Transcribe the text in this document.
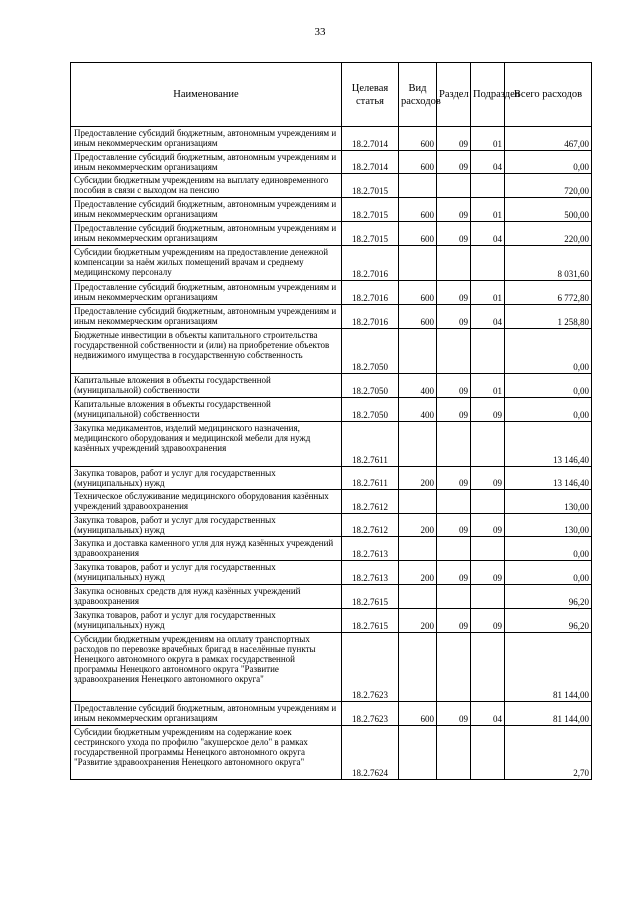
33
Наименование	Целевая статья	Вид расходов	Раздел	Подраздел	Всего расходов
Предоставление субсидий бюджетным, автономным учреждениям и иным некоммерческим организациям	18.2.7014	600	09	01	467,00
Предоставление субсидий бюджетным, автономным учреждениям и иным некоммерческим организациям	18.2.7014	600	09	04	0,00
Субсидии бюджетным учреждениям на выплату единовременного пособия в связи с выходом на пенсию	18.2.7015				720,00
Предоставление субсидий бюджетным, автономным учреждениям и иным некоммерческим организациям	18.2.7015	600	09	01	500,00
Предоставление субсидий бюджетным, автономным учреждениям и иным некоммерческим организациям	18.2.7015	600	09	04	220,00
Субсидии бюджетным учреждениям на предоставление денежной компенсации за наём жилых помещений врачам и среднему медицинскому персоналу	18.2.7016				8 031,60
Предоставление субсидий бюджетным, автономным учреждениям и иным некоммерческим организациям	18.2.7016	600	09	01	6 772,80
Предоставление субсидий бюджетным, автономным учреждениям и иным некоммерческим организациям	18.2.7016	600	09	04	1 258,80
Бюджетные инвестиции в объекты капитального строительства государственной собственности и (или) на приобретение объектов недвижимого имущества в государственную собственность	18.2.7050				0,00
Капитальные вложения в объекты государственной (муниципальной) собственности	18.2.7050	400	09	01	0,00
Капитальные вложения в объекты государственной (муниципальной) собственности	18.2.7050	400	09	09	0,00
Закупка медикаментов, изделий медицинского назначения, медицинского оборудования и медицинской мебели для нужд казённых учреждений здравоохранения	18.2.7611				13 146,40
Закупка товаров, работ и услуг для государственных (муниципальных) нужд	18.2.7611	200	09	09	13 146,40
Техническое обслуживание медицинского оборудования казённых учреждений здравоохранения	18.2.7612				130,00
Закупка товаров, работ и услуг для государственных (муниципальных) нужд	18.2.7612	200	09	09	130,00
Закупка и доставка каменного угля для нужд казённых учреждений здравоохранения	18.2.7613				0,00
Закупка товаров, работ и услуг для государственных (муниципальных) нужд	18.2.7613	200	09	09	0,00
Закупка основных средств для нужд казённых учреждений здравоохранения	18.2.7615				96,20
Закупка товаров, работ и услуг для государственных (муниципальных) нужд	18.2.7615	200	09	09	96,20
Субсидии бюджетным учреждениям на оплату транспортных расходов по перевозке врачебных бригад в населённые пункты Ненецкого автономного округа в рамках государственной программы Ненецкого автономного округа "Развитие здравоохранения Ненецкого автономного округа"	18.2.7623				81 144,00
Предоставление субсидий бюджетным, автономным учреждениям и иным некоммерческим организациям	18.2.7623	600	09	04	81 144,00
Субсидии бюджетным учреждениям на содержание коек сестринского ухода по профилю "акушерское дело" в рамках государственной программы Ненецкого автономного округа "Развитие здравоохранения Ненецкого автономного округа"	18.2.7624				2,70
